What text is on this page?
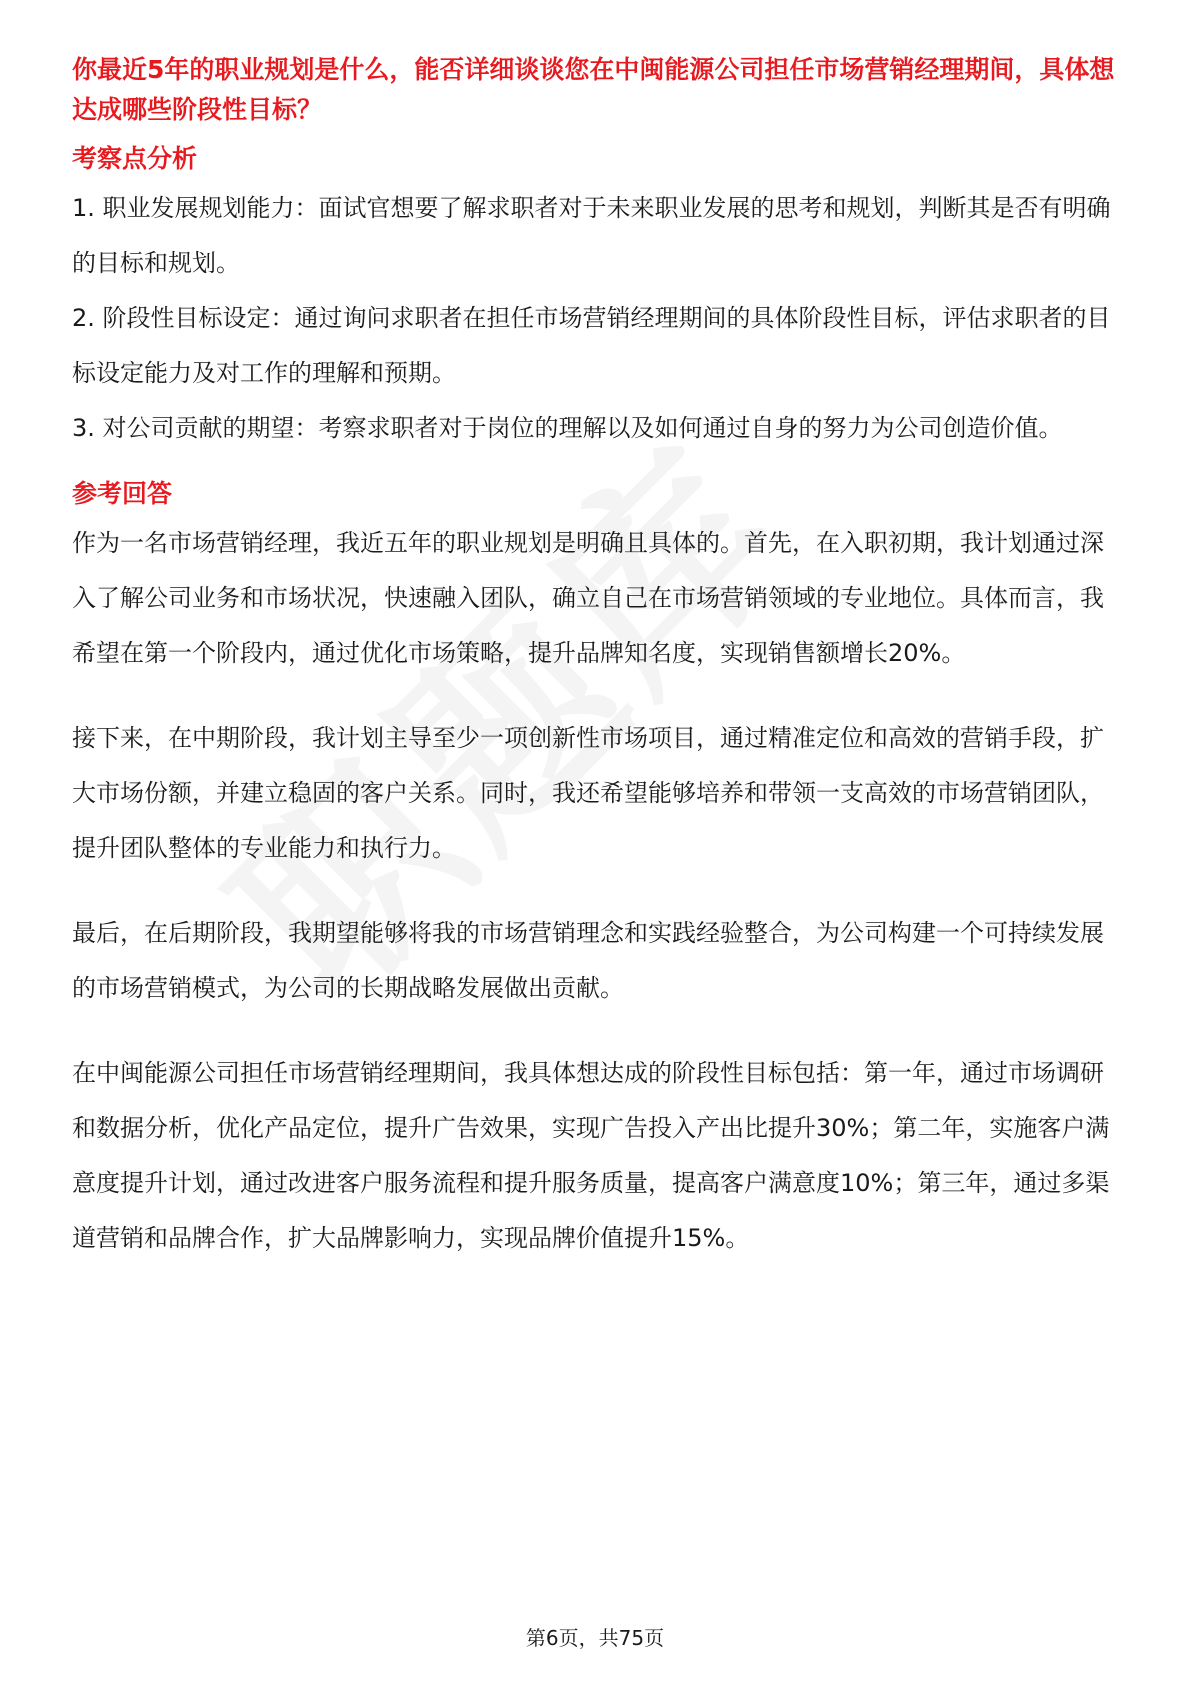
你最近5年的职业规划是什么，能否详细谈谈您在中闽能源公司担任市场营销经理期间，具体想达成哪些阶段性目标？
考察点分析
1. 职业发展规划能力：面试官想要了解求职者对于未来职业发展的思考和规划，判断其是否有明确的目标和规划。
2. 阶段性目标设定：通过询问求职者在担任市场营销经理期间的具体阶段性目标，评估求职者的目标设定能力及对工作的理解和预期。
3. 对公司贡献的期望：考察求职者对于岗位的理解以及如何通过自身的努力为公司创造价值。
参考回答
作为一名市场营销经理，我近五年的职业规划是明确且具体的。首先，在入职初期，我计划通过深入了解公司业务和市场状况，快速融入团队，确立自己在市场营销领域的专业地位。具体而言，我希望在第一个阶段内，通过优化市场策略，提升品牌知名度，实现销售额增长20%。
接下来，在中期阶段，我计划主导至少一项创新性市场项目，通过精准定位和高效的营销手段，扩大市场份额，并建立稳固的客户关系。同时，我还希望能够培养和带领一支高效的市场营销团队，提升团队整体的专业能力和执行力。
最后，在后期阶段，我期望能够将我的市场营销理念和实践经验整合，为公司构建一个可持续发展的市场营销模式，为公司的长期战略发展做出贡献。
在中闽能源公司担任市场营销经理期间，我具体想达成的阶段性目标包括：第一年，通过市场调研和数据分析，优化产品定位，提升广告效果，实现广告投入产出比提升30%；第二年，实施客户满意度提升计划，通过改进客户服务流程和提升服务质量，提高客户满意度10%；第三年，通过多渠道营销和品牌合作，扩大品牌影响力，实现品牌价值提升15%。
第6页，共75页
